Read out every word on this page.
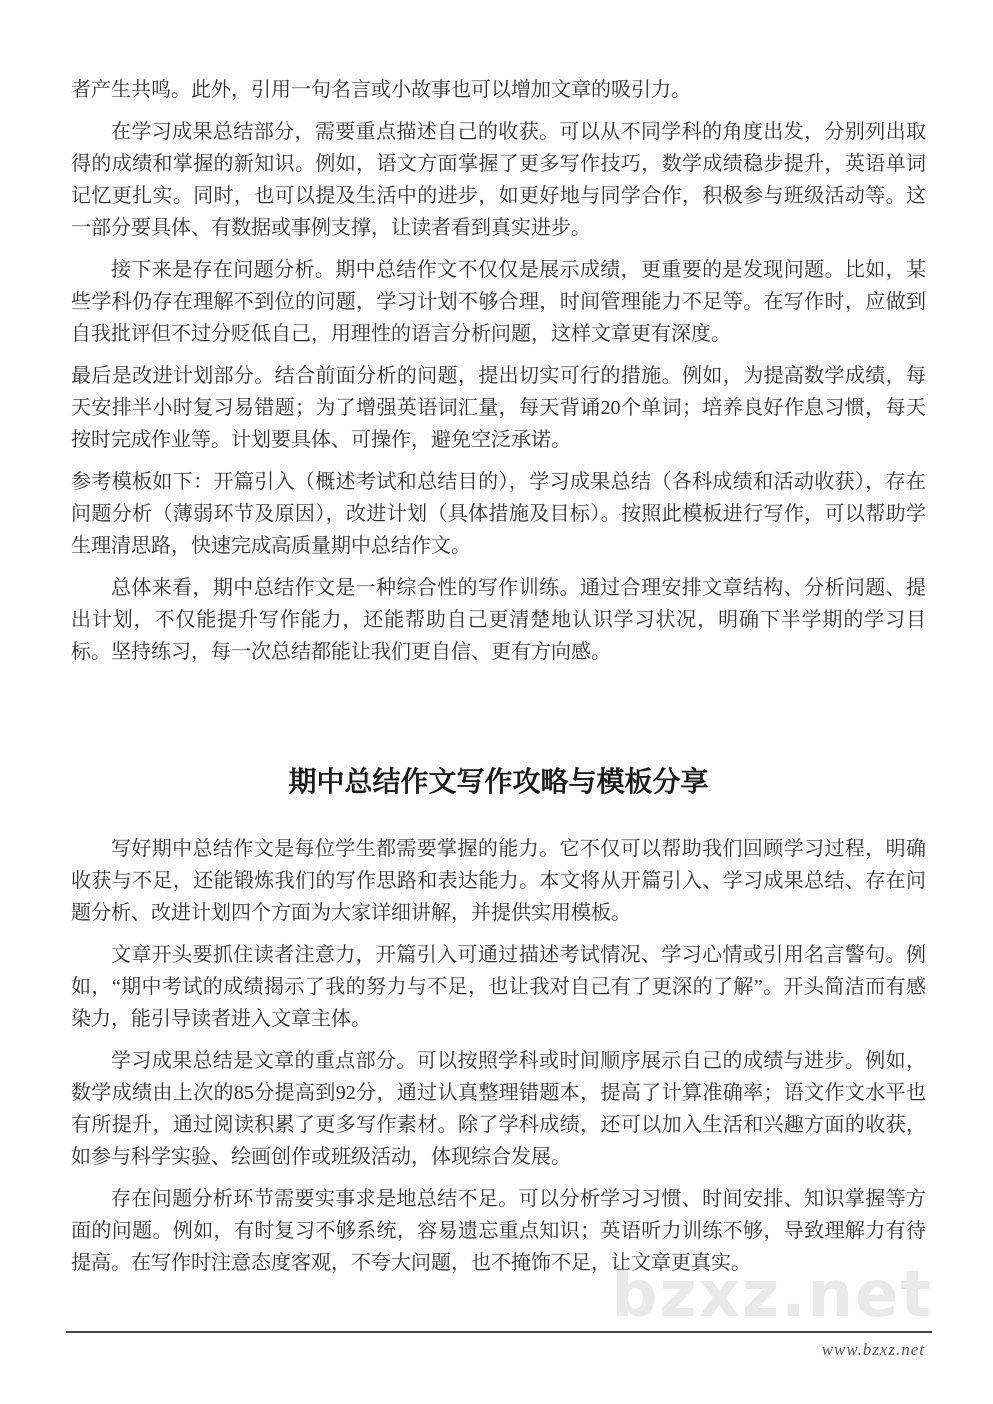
bzxz.net

者产生共鸣。此外，引用一句名言或小故事也可以增加文章的吸引力。

在学习成果总结部分，需要重点描述自己的收获。可以从不同学科的角度出发，分别列出取得的成绩和掌握的新知识。例如，语文方面掌握了更多写作技巧，数学成绩稳步提升，英语单词记忆更扎实。同时，也可以提及生活中的进步，如更好地与同学合作，积极参与班级活动等。这一部分要具体、有数据或事例支撑，让读者看到真实进步。

接下来是存在问题分析。期中总结作文不仅仅是展示成绩，更重要的是发现问题。比如，某些学科仍存在理解不到位的问题，学习计划不够合理，时间管理能力不足等。在写作时，应做到自我批评但不过分贬低自己，用理性的语言分析问题，这样文章更有深度。

最后是改进计划部分。结合前面分析的问题，提出切实可行的措施。例如，为提高数学成绩，每天安排半小时复习易错题；为了增强英语词汇量，每天背诵20个单词；培养良好作息习惯，每天按时完成作业等。计划要具体、可操作，避免空泛承诺。

参考模板如下：开篇引入（概述考试和总结目的），学习成果总结（各科成绩和活动收获），存在问题分析（薄弱环节及原因），改进计划（具体措施及目标）。按照此模板进行写作，可以帮助学生理清思路，快速完成高质量期中总结作文。

总体来看，期中总结作文是一种综合性的写作训练。通过合理安排文章结构、分析问题、提出计划，不仅能提升写作能力，还能帮助自己更清楚地认识学习状况，明确下半学期的学习目标。坚持练习，每一次总结都能让我们更自信、更有方向感。

期中总结作文写作攻略与模板分享

写好期中总结作文是每位学生都需要掌握的能力。它不仅可以帮助我们回顾学习过程，明确收获与不足，还能锻炼我们的写作思路和表达能力。本文将从开篇引入、学习成果总结、存在问题分析、改进计划四个方面为大家详细讲解，并提供实用模板。

文章开头要抓住读者注意力，开篇引入可通过描述考试情况、学习心情或引用名言警句。例如，“期中考试的成绩揭示了我的努力与不足，也让我对自己有了更深的了解”。开头简洁而有感染力，能引导读者进入文章主体。

学习成果总结是文章的重点部分。可以按照学科或时间顺序展示自己的成绩与进步。例如，数学成绩由上次的85分提高到92分，通过认真整理错题本，提高了计算准确率；语文作文水平也有所提升，通过阅读积累了更多写作素材。除了学科成绩，还可以加入生活和兴趣方面的收获，如参与科学实验、绘画创作或班级活动，体现综合发展。

存在问题分析环节需要实事求是地总结不足。可以分析学习习惯、时间安排、知识掌握等方面的问题。例如，有时复习不够系统，容易遗忘重点知识；英语听力训练不够，导致理解力有待提高。在写作时注意态度客观，不夸大问题，也不掩饰不足，让文章更真实。

www.bzxz.net
